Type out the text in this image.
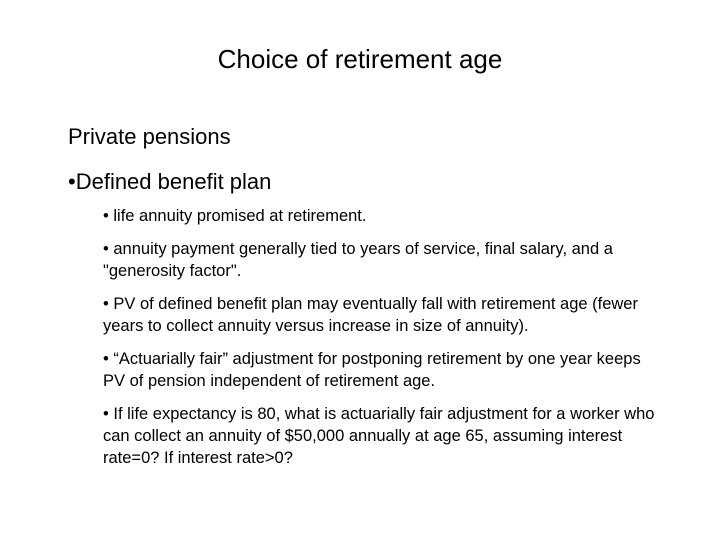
Choice of retirement age
Private pensions
•Defined benefit plan
• life annuity promised at retirement.
• annuity payment generally tied to years of service, final salary, and a "generosity factor".
• PV of defined benefit plan may eventually fall with retirement age (fewer years to collect annuity versus increase in size of annuity).
• “Actuarially fair” adjustment for postponing retirement by one year keeps PV of pension independent of retirement age.
• If life expectancy is 80, what is actuarially fair adjustment for a worker who can collect an annuity of $50,000 annually at age 65, assuming interest rate=0? If interest rate>0?
